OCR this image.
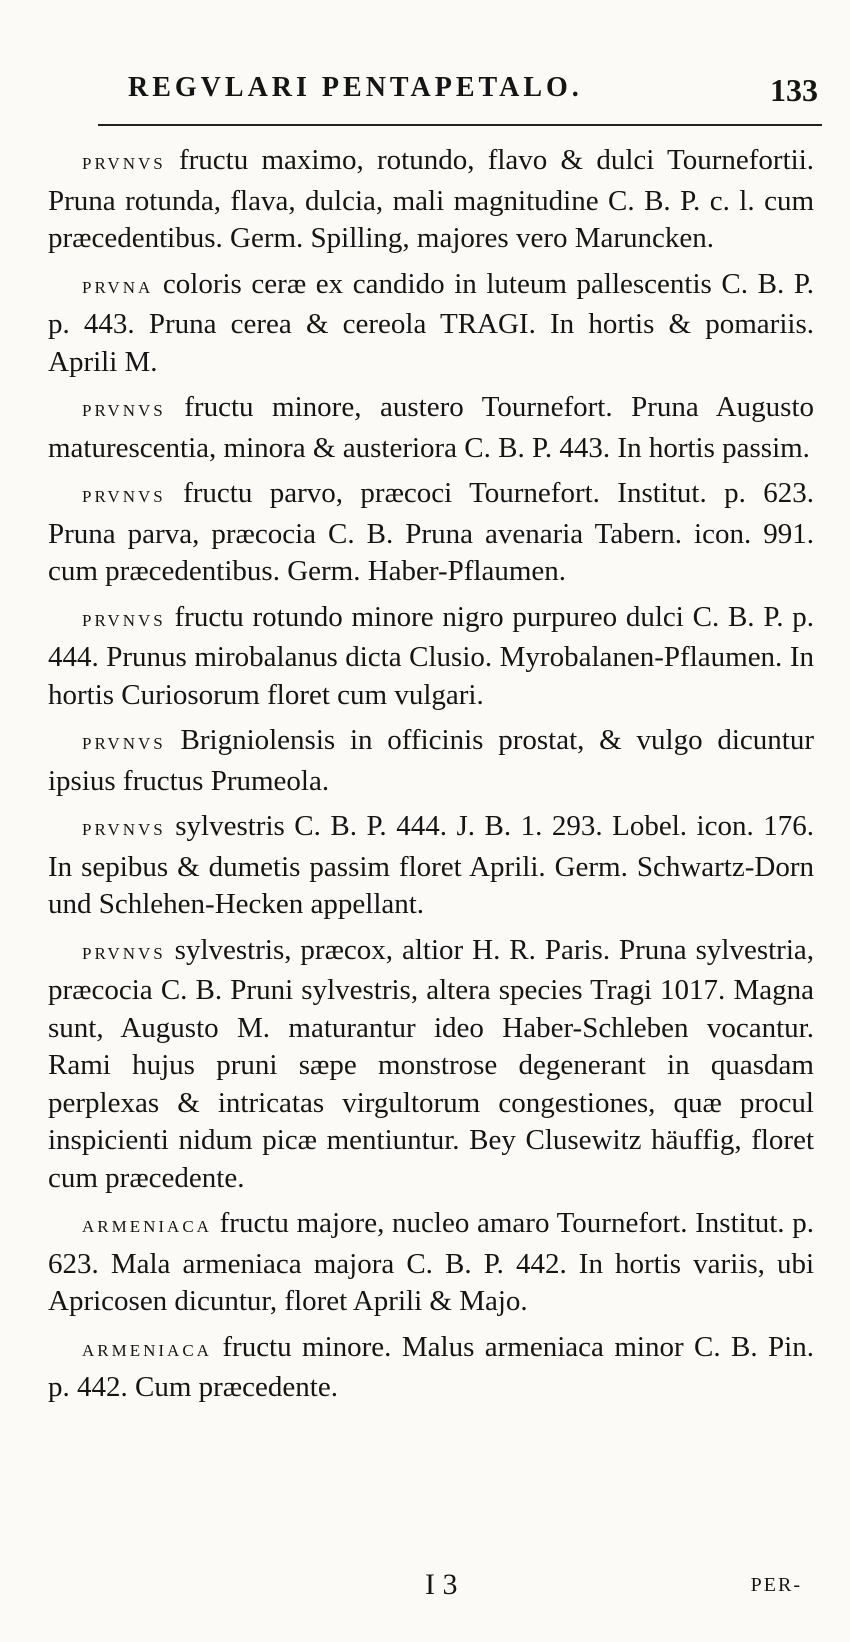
REGVLARI PENTAPETALO.	133

PRVNVS fructu maximo, rotundo, flavo & dulci Tournefortii. Pruna rotunda, flava, dulcia, mali magnitudine C. B. P. c. l. cum præcedentibus. Germ. Spilling, majores vero Maruncken.

PRVNA coloris ceræ ex candido in luteum pallescentis C. B. P. p. 443. Pruna cerea & cereola TRAGI. In hortis & pomariis. Aprili M.

PRVNVS fructu minore, austero Tournefort. Pruna Augusto maturescentia, minora & austeriora C. B. P. 443. In hortis passim.

PRVNVS fructu parvo, præcoci Tournefort. Institut. p. 623. Pruna parva, præcocia C. B. Pruna avenaria Tabern. icon. 991. cum præcedentibus. Germ. Haber-Pflaumen.

PRVNVS fructu rotundo minore nigro purpureo dulci C. B. P. p. 444. Prunus mirobalanus dicta Clusio. Myrobalanen-Pflaumen. In hortis Curiosorum floret cum vulgari.

PRVNVS Brigniolensis in officinis prostat, & vulgo dicuntur ipsius fructus Prumeola.

PRVNVS sylvestris C. B. P. 444. J. B. 1. 293. Lobel. icon. 176. In sepibus & dumetis passim floret Aprili. Germ. Schwartz-Dorn und Schlehen-Hecken appellant.

PRVNVS sylvestris, præcox, altior H. R. Paris. Pruna sylvestria, præcocia C. B. Pruni sylvestris, altera species Tragi 1017. Magna sunt, Augusto M. maturantur ideo Haber-Schleben vocantur. Rami hujus pruni sæpe monstrose degenerant in quasdam perplexas & intricatas virgultorum congestiones, quæ procul inspicienti nidum picæ mentiuntur. Bey Clusewitz häuffig, floret cum præcedente.

ARMENIACA fructu majore, nucleo amaro Tournefort. Institut. p. 623. Mala armeniaca majora C. B. P. 442. In hortis variis, ubi Apricosen dicuntur, floret Aprili & Majo.

ARMENIACA fructu minore. Malus armeniaca minor C. B. Pin. p. 442. Cum præcedente.

I 3	PER-
